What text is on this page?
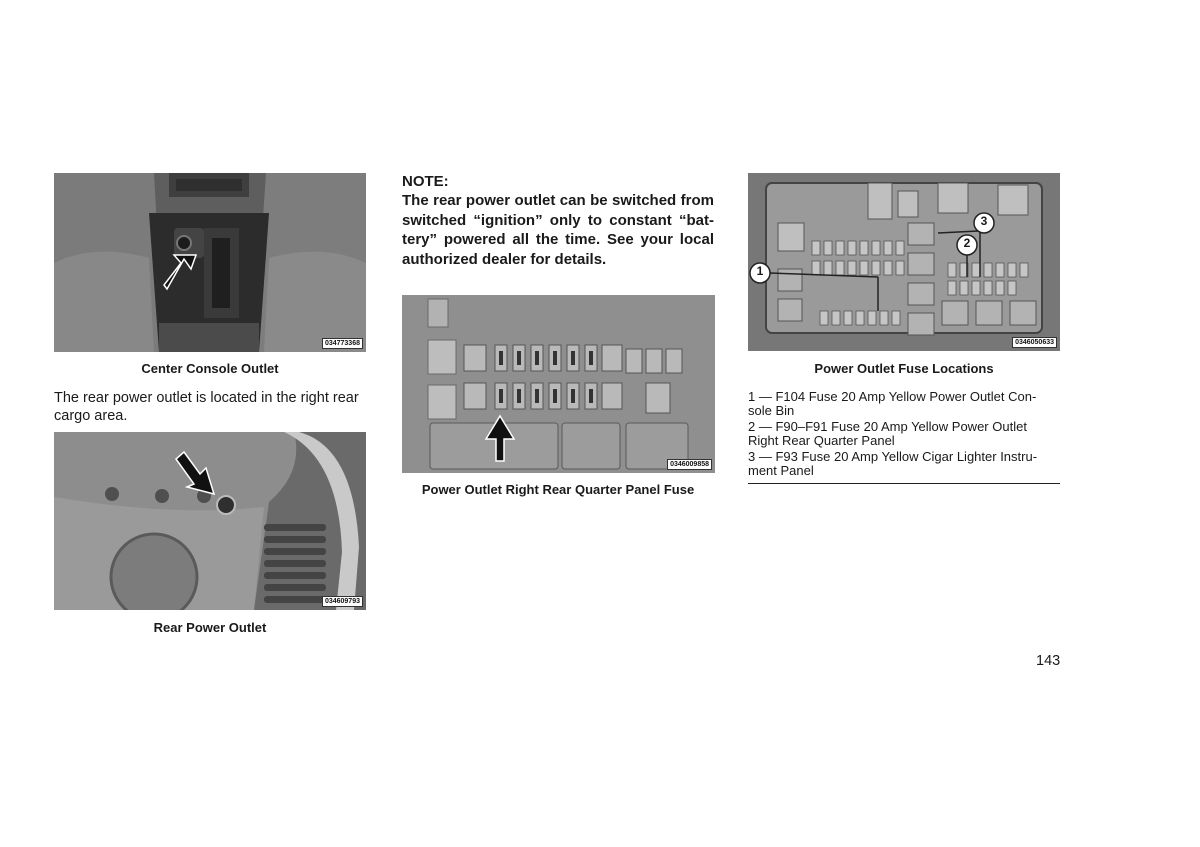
034773368
Center Console Outlet
The rear power outlet is located in the right rear cargo area.
034609793
Rear Power Outlet
NOTE:
The rear power outlet can be switched from switched “ignition” only to constant “bat-tery” powered all the time. See your local authorized dealer for details.
0346009858
Power Outlet Right Rear Quarter Panel Fuse
1
2
3
0346050633
Power Outlet Fuse Locations
1 — F104 Fuse 20 Amp Yellow Power Outlet Con-sole Bin
2 — F90–F91 Fuse 20 Amp Yellow Power Outlet Right Rear Quarter Panel
3 — F93 Fuse 20 Amp Yellow Cigar Lighter Instru-ment Panel
143
